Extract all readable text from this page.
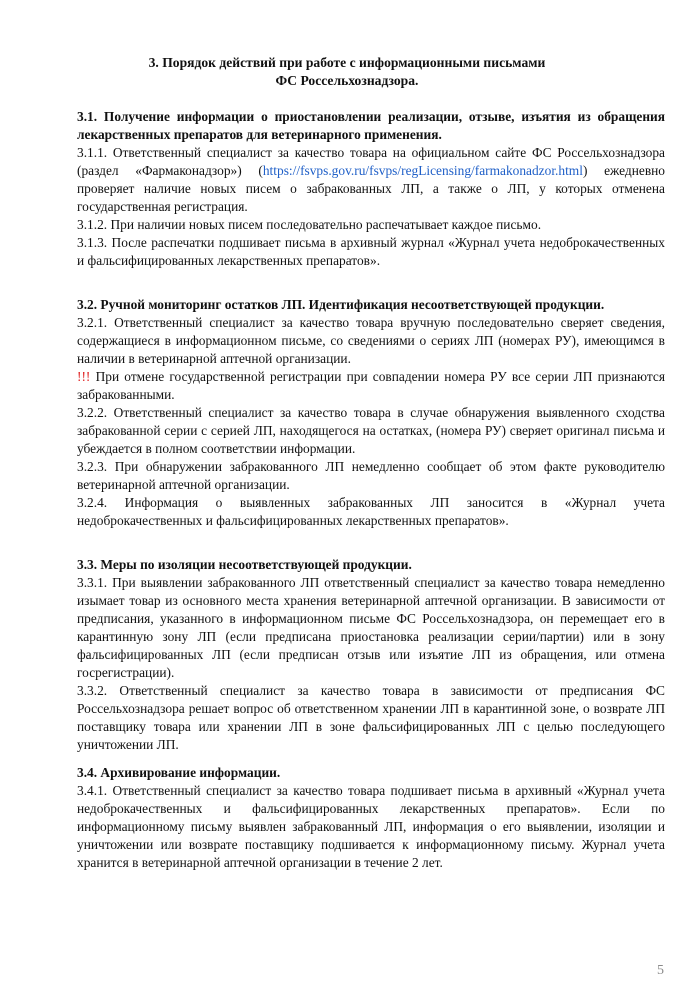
3. Порядок действий при работе с информационными письмами
ФС Россельхознадзора.

3.1. Получение информации о приостановлении реализации, отзыве, изъятия из обращения лекарственных препаратов для ветеринарного применения.

3.1.1. Ответственный специалист за качество товара на официальном сайте ФС Россельхознадзора (раздел «Фармаконадзор») (https://fsvps.gov.ru/fsvps/regLicensing/farmakonadzor.html) ежедневно проверяет наличие новых писем о забракованных ЛП, а также о ЛП, у которых отменена государственная регистрация.

3.1.2. При наличии новых писем последовательно распечатывает каждое письмо.

3.1.3. После распечатки подшивает письма в архивный журнал «Журнал учета недоброкачественных и фальсифицированных лекарственных препаратов».

3.2. Ручной мониторинг остатков ЛП. Идентификация несоответствующей продукции.

3.2.1. Ответственный специалист за качество товара вручную последовательно сверяет сведения, содержащиеся в информационном письме, со сведениями о сериях ЛП (номерах РУ), имеющимся в наличии в ветеринарной аптечной организации.

!!! При отмене государственной регистрации при совпадении номера РУ все серии ЛП признаются забракованными.

3.2.2. Ответственный специалист за качество товара в случае обнаружения выявленного сходства забракованной серии с серией ЛП, находящегося на остатках, (номера РУ) сверяет оригинал письма и убеждается в полном соответствии информации.

3.2.3. При обнаружении забракованного ЛП немедленно сообщает об этом факте руководителю ветеринарной аптечной организации.

3.2.4. Информация о выявленных забракованных ЛП заносится в «Журнал учета недоброкачественных и фальсифицированных лекарственных препаратов».

3.3. Меры по изоляции несоответствующей продукции.

3.3.1. При выявлении забракованного ЛП ответственный специалист за качество товара немедленно изымает товар из основного места хранения ветеринарной аптечной организации. В зависимости от предписания, указанного в информационном письме ФС Россельхознадзора, он перемещает его в карантинную зону ЛП (если предписана приостановка реализации серии/партии) или в зону фальсифицированных ЛП (если предписан отзыв или изъятие ЛП из обращения, или отмена госрегистрации).

3.3.2. Ответственный специалист за качество товара в зависимости от предписания ФС Россельхознадзора решает вопрос об ответственном хранении ЛП в карантинной зоне, о возврате ЛП поставщику товара или хранении ЛП в зоне фальсифицированных ЛП с целью последующего уничтожении ЛП.

3.4. Архивирование информации.

3.4.1. Ответственный специалист за качество товара подшивает письма в архивный «Журнал учета недоброкачественных и фальсифицированных лекарственных препаратов». Если по информационному письму выявлен забракованный ЛП, информация о его выявлении, изоляции и уничтожении или возврате поставщику подшивается к информационному письму. Журнал учета хранится в ветеринарной аптечной организации в течение 2 лет.

5
